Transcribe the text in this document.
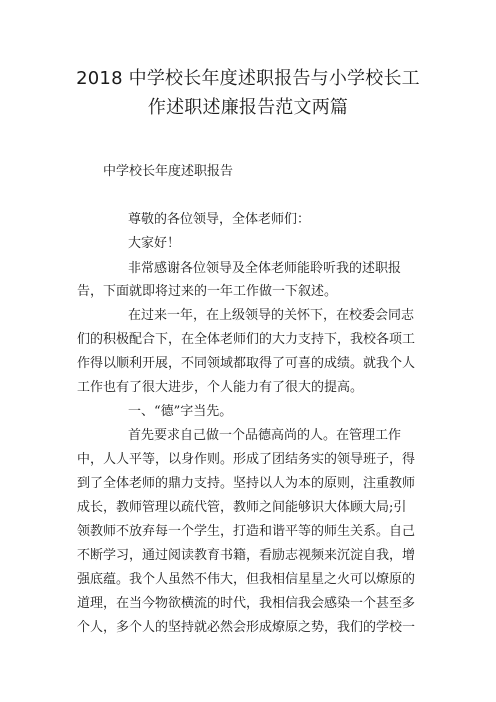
2018 中学校长年度述职报告与小学校长工
作述职述廉报告范文两篇
中学校长年度述职报告
尊敬的各位领导，全体老师们：
大家好！
非常感谢各位领导及全体老师能聆听我的述职报
告，下面就即将过来的一年工作做一下叙述。
在过来一年，在上级领导的关怀下，在校委会同志
们的积极配合下，在全体老师们的大力支持下，我校各项工
作得以顺利开展，不同领域都取得了可喜的成绩。就我个人
工作也有了很大进步，个人能力有了很大的提高。
一、“德”字当先。
首先要求自己做一个品德高尚的人。在管理工作
中，人人平等，以身作则。形成了团结务实的领导班子，得
到了全体老师的鼎力支持。坚持以人为本的原则，注重教师
成长，教师管理以疏代管，教师之间能够识大体顾大局;引
领教师不放弃每一个学生，打造和谐平等的师生关系。自己
不断学习，通过阅读教育书籍，看励志视频来沉淀自我，增
强底蕴。我个人虽然不伟大，但我相信星星之火可以燎原的
道理，在当今物欲横流的时代，我相信我会感染一个甚至多
个人，多个人的坚持就必然会形成燎原之势，我们的学校一
